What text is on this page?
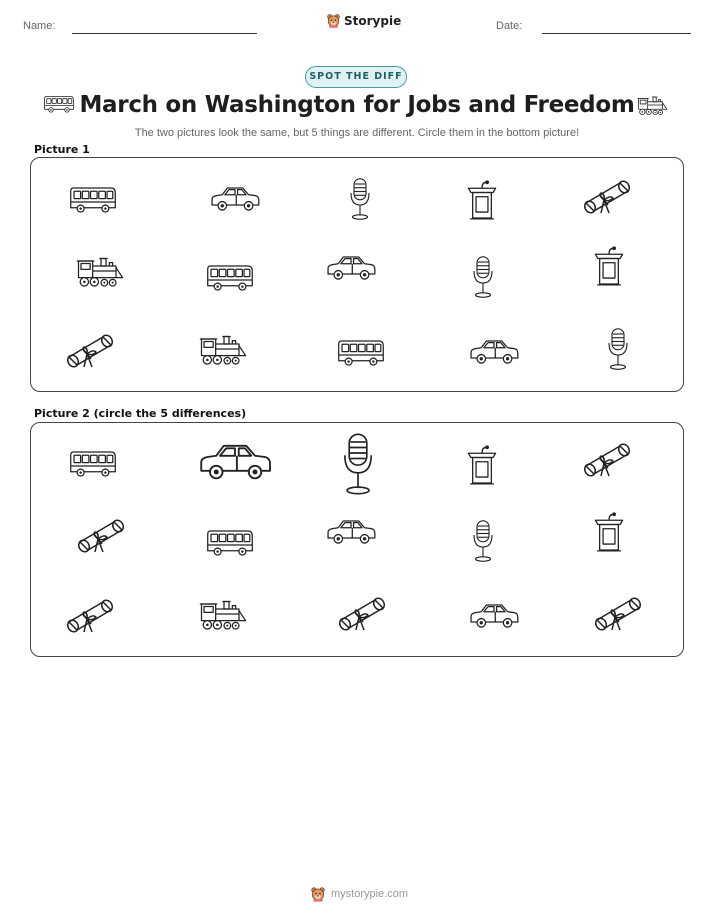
Name:	Storypie	Date:
SPOT THE DIFF
March on Washington for Jobs and Freedom
The two pictures look the same, but 5 things are different. Circle them in the bottom picture!
Picture 1
Picture 2 (circle the 5 differences)
mystorypie.com
